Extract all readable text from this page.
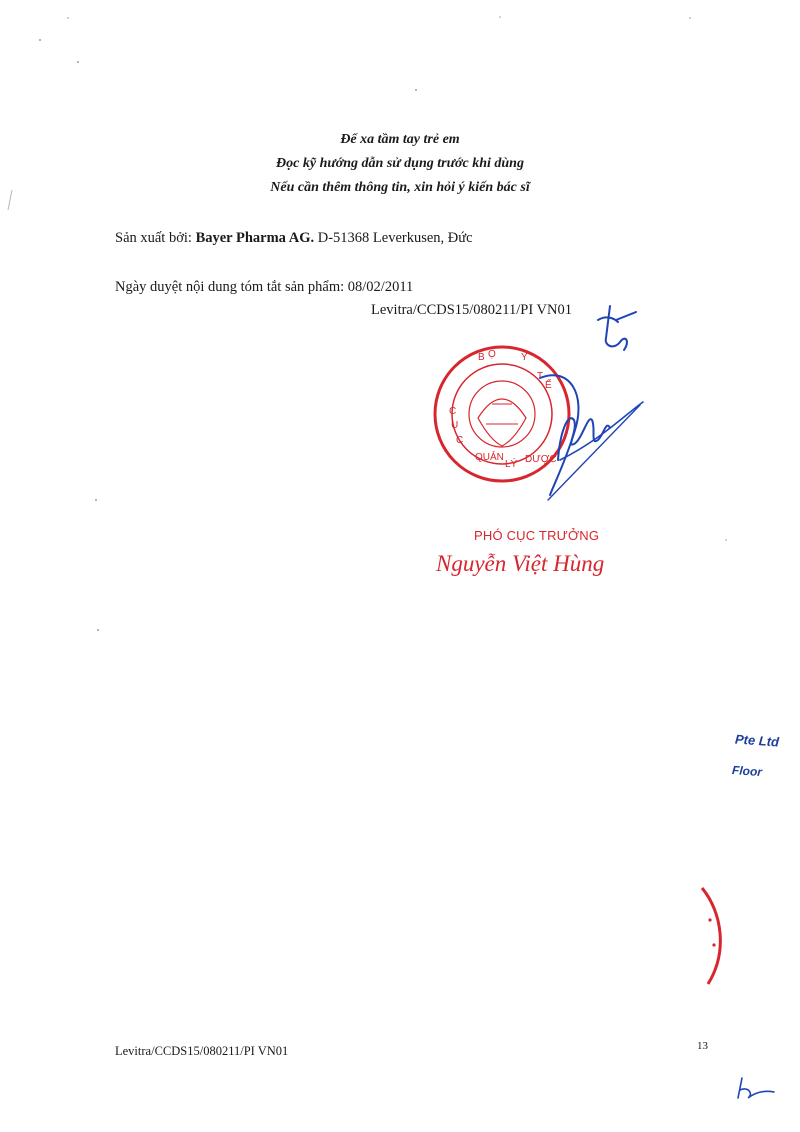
Để xa tầm tay trẻ em
Đọc kỹ hướng dẫn sử dụng trước khi dùng
Nếu cần thêm thông tin, xin hỏi ý kiến bác sĩ
Sản xuất bởi: Bayer Pharma AG. D-51368 Leverkusen, Đức
Ngày duyệt nội dung tóm tắt sản phẩm: 08/02/2011
Levitra/CCDS15/080211/PI VN01
B Ộ	Y
C
Ụ
C
QUẢN
LÝ DƯỢC
T
Ế
PHÓ CỤC TRƯỞNG
Nguyễn Việt Hùng
Pte Ltd
Floor
Levitra/CCDS15/080211/PI VN01	13
